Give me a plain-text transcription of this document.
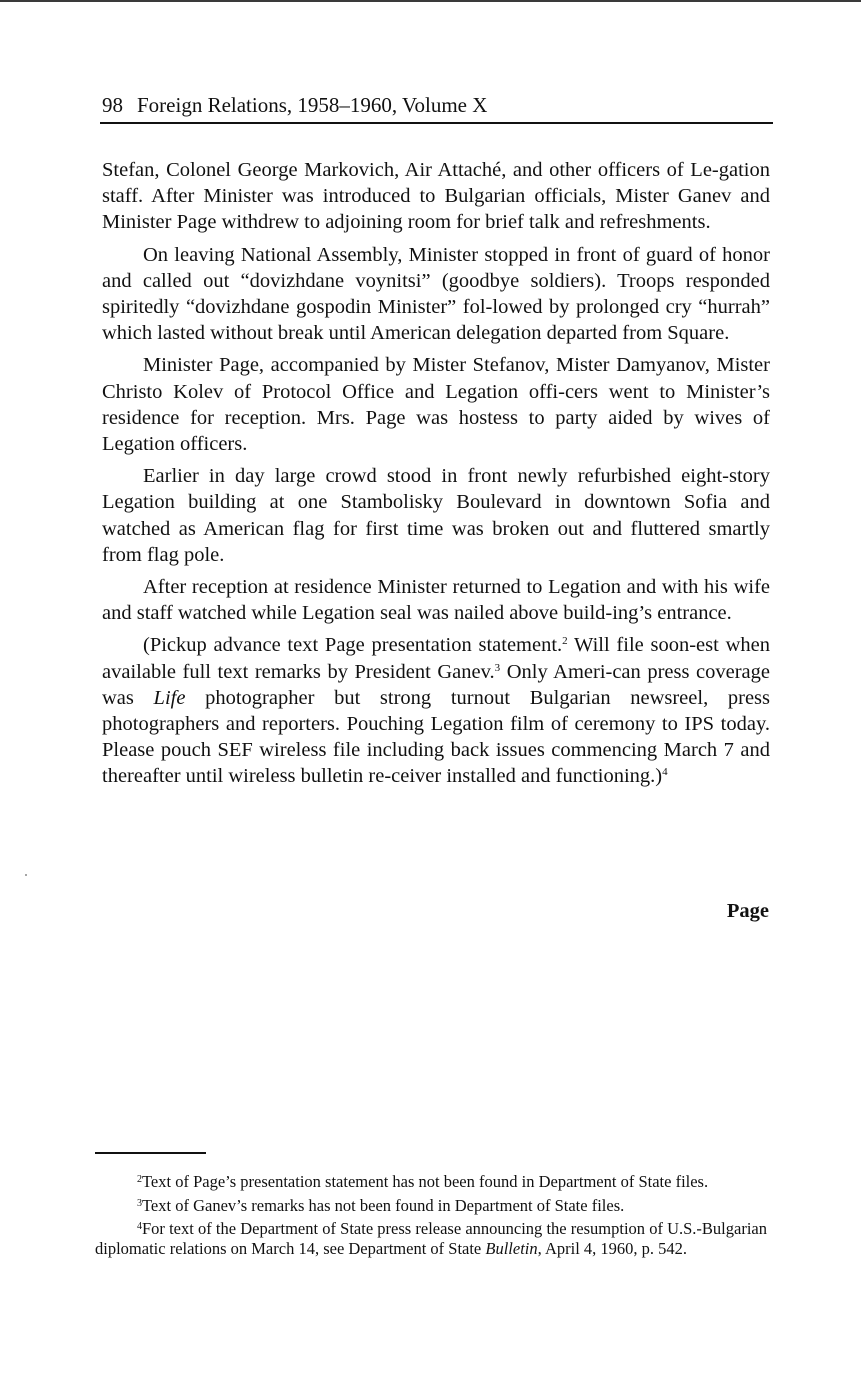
98 Foreign Relations, 1958–1960, Volume X

Stefan, Colonel George Markovich, Air Attaché, and other officers of Le-gation staff. After Minister was introduced to Bulgarian officials, Mister Ganev and Minister Page withdrew to adjoining room for brief talk and refreshments.

On leaving National Assembly, Minister stopped in front of guard of honor and called out “dovizhdane voynitsi” (goodbye soldiers). Troops responded spiritedly “dovizhdane gospodin Minister” fol-lowed by prolonged cry “hurrah” which lasted without break until American delegation departed from Square.

Minister Page, accompanied by Mister Stefanov, Mister Damyanov, Mister Christo Kolev of Protocol Office and Legation offi-cers went to Minister’s residence for reception. Mrs. Page was hostess to party aided by wives of Legation officers.

Earlier in day large crowd stood in front newly refurbished eight-story Legation building at one Stambolisky Boulevard in downtown Sofia and watched as American flag for first time was broken out and fluttered smartly from flag pole.

After reception at residence Minister returned to Legation and with his wife and staff watched while Legation seal was nailed above build-ing’s entrance.

(Pickup advance text Page presentation statement.$^2$ Will file soon-est when available full text remarks by President Ganev.$^3$ Only Ameri-can press coverage was Life photographer but strong turnout Bulgarian newsreel, press photographers and reporters. Pouching Legation film of ceremony to IPS today. Please pouch SEF wireless file including back issues commencing March 7 and thereafter until wireless bulletin re-ceiver installed and functioning.)$^4$

Page

$^2$Text of Page’s presentation statement has not been found in Department of State files.

$^3$Text of Ganev’s remarks has not been found in Department of State files.

$^4$For text of the Department of State press release announcing the resumption of U.S.-Bulgarian diplomatic relations on March 14, see Department of State Bulletin, April 4, 1960, p. 542.
